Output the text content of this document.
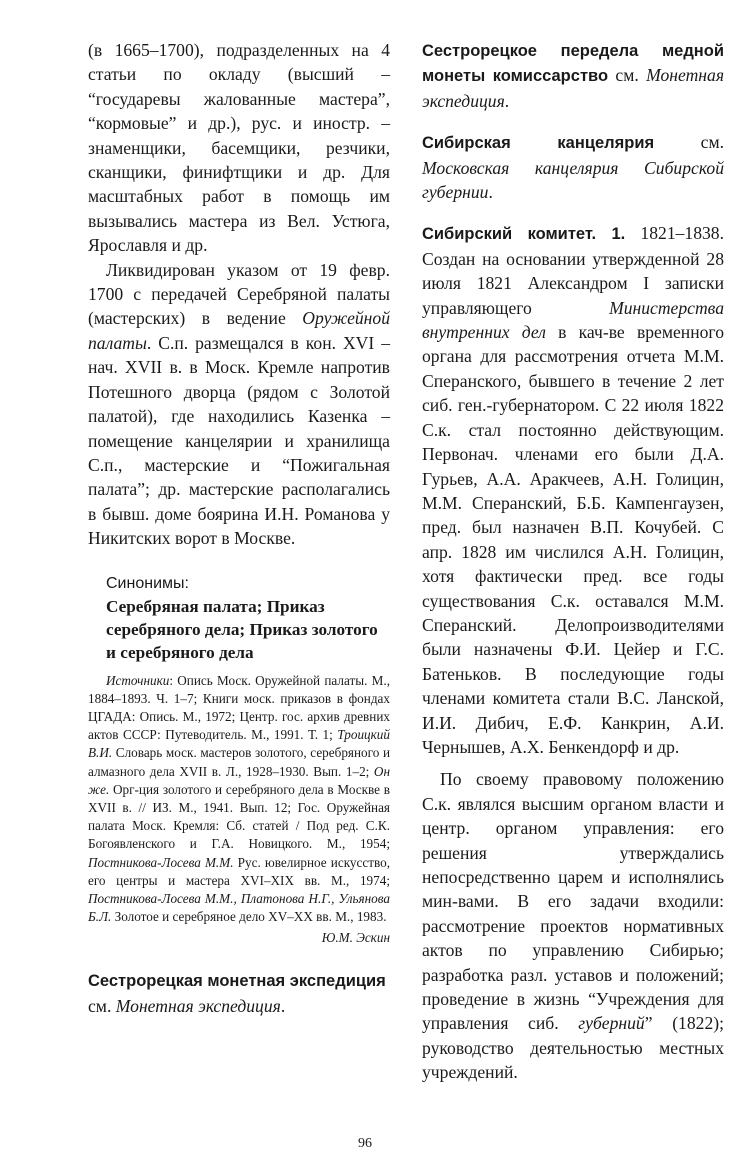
(в 1665–1700), подразделенных на 4 статьи по окладу (высший – “государевы жалованные мастера”, “кормовые” и др.), рус. и иностр. – знаменщики, басемщики, резчики, сканщики, финифтщики и др. Для масштабных работ в помощь им вызывались мастера из Вел. Устюга, Ярославля и др.

Ликвидирован указом от 19 февр. 1700 с передачей Серебряной палаты (мастерских) в ведение Оружейной палаты. С.п. размещался в кон. XVI – нач. XVII в. в Моск. Кремле напротив Потешного дворца (рядом с Золотой палатой), где находились Казенка – помещение канцелярии и хранилища С.п., мастерские и “Пожигальная палата”; др. мастерские располагались в бывш. доме боярина И.Н. Романова у Никитских ворот в Москве.

Синонимы:

Серебряная палата; Приказ серебряного дела; Приказ золотого и серебряного дела

Источники: Опись Моск. Оружейной палаты. М., 1884–1893. Ч. 1–7; Книги моск. приказов в фондах ЦГАДА: Опись. М., 1972; Центр. гос. архив древних актов СССР: Путеводитель. М., 1991. Т. 1; Троицкий В.И. Словарь моск. мастеров золотого, серебряного и алмазного дела XVII в. Л., 1928–1930. Вып. 1–2; Он же. Орг-ция золотого и серебряного дела в Москве в XVII в. // ИЗ. М., 1941. Вып. 12; Гос. Оружейная палата Моск. Кремля: Сб. статей / Под ред. С.К. Богоявленского и Г.А. Новицкого. М., 1954; Постникова-Лосева М.М. Рус. ювелирное искусство, его центры и мастера XVI–XIX вв. М., 1974; Постникова-Лосева М.М., Платонова Н.Г., Ульянова Б.Л. Золотое и серебряное дело XV–XX вв. М., 1983.

Ю.М. Эскин

Сестрорецкая монетная экспедиция см. Монетная экспедиция.

Сестрорецкое передела медной монеты комиссарство см. Монетная экспедиция.

Сибирская канцелярия см. Московская канцелярия Сибирской губернии.

Сибирский комитет. 1. 1821–1838. Создан на основании утвержденной 28 июля 1821 Александром I записки управляющего Министерства внутренних дел в кач-ве временного органа для рассмотрения отчета М.М. Сперанского, бывшего в течение 2 лет сиб. ген.-губернатором. С 22 июля 1822 С.к. стал постоянно действующим. Первонач. членами его были Д.А. Гурьев, А.А. Аракчеев, А.Н. Голицин, М.М. Сперанский, Б.Б. Кампенгаузен, пред. был назначен В.П. Кочубей. С апр. 1828 им числился А.Н. Голицин, хотя фактически пред. все годы существования С.к. оставался М.М. Сперанский. Делопроизводителями были назначены Ф.И. Цейер и Г.С. Батеньков. В последующие годы членами комитета стали В.С. Ланской, И.И. Дибич, Е.Ф. Канкрин, А.И. Чернышев, А.Х. Бенкендорф и др.

По своему правовому положению С.к. являлся высшим органом власти и центр. органом управления: его решения утверждались непосредственно царем и исполнялись мин-вами. В его задачи входили: рассмотрение проектов нормативных актов по управлению Сибирью; разработка разл. уставов и положений; проведение в жизнь “Учреждения для управления сиб. губерний” (1822); руководство деятельностью местных учреждений.

96
